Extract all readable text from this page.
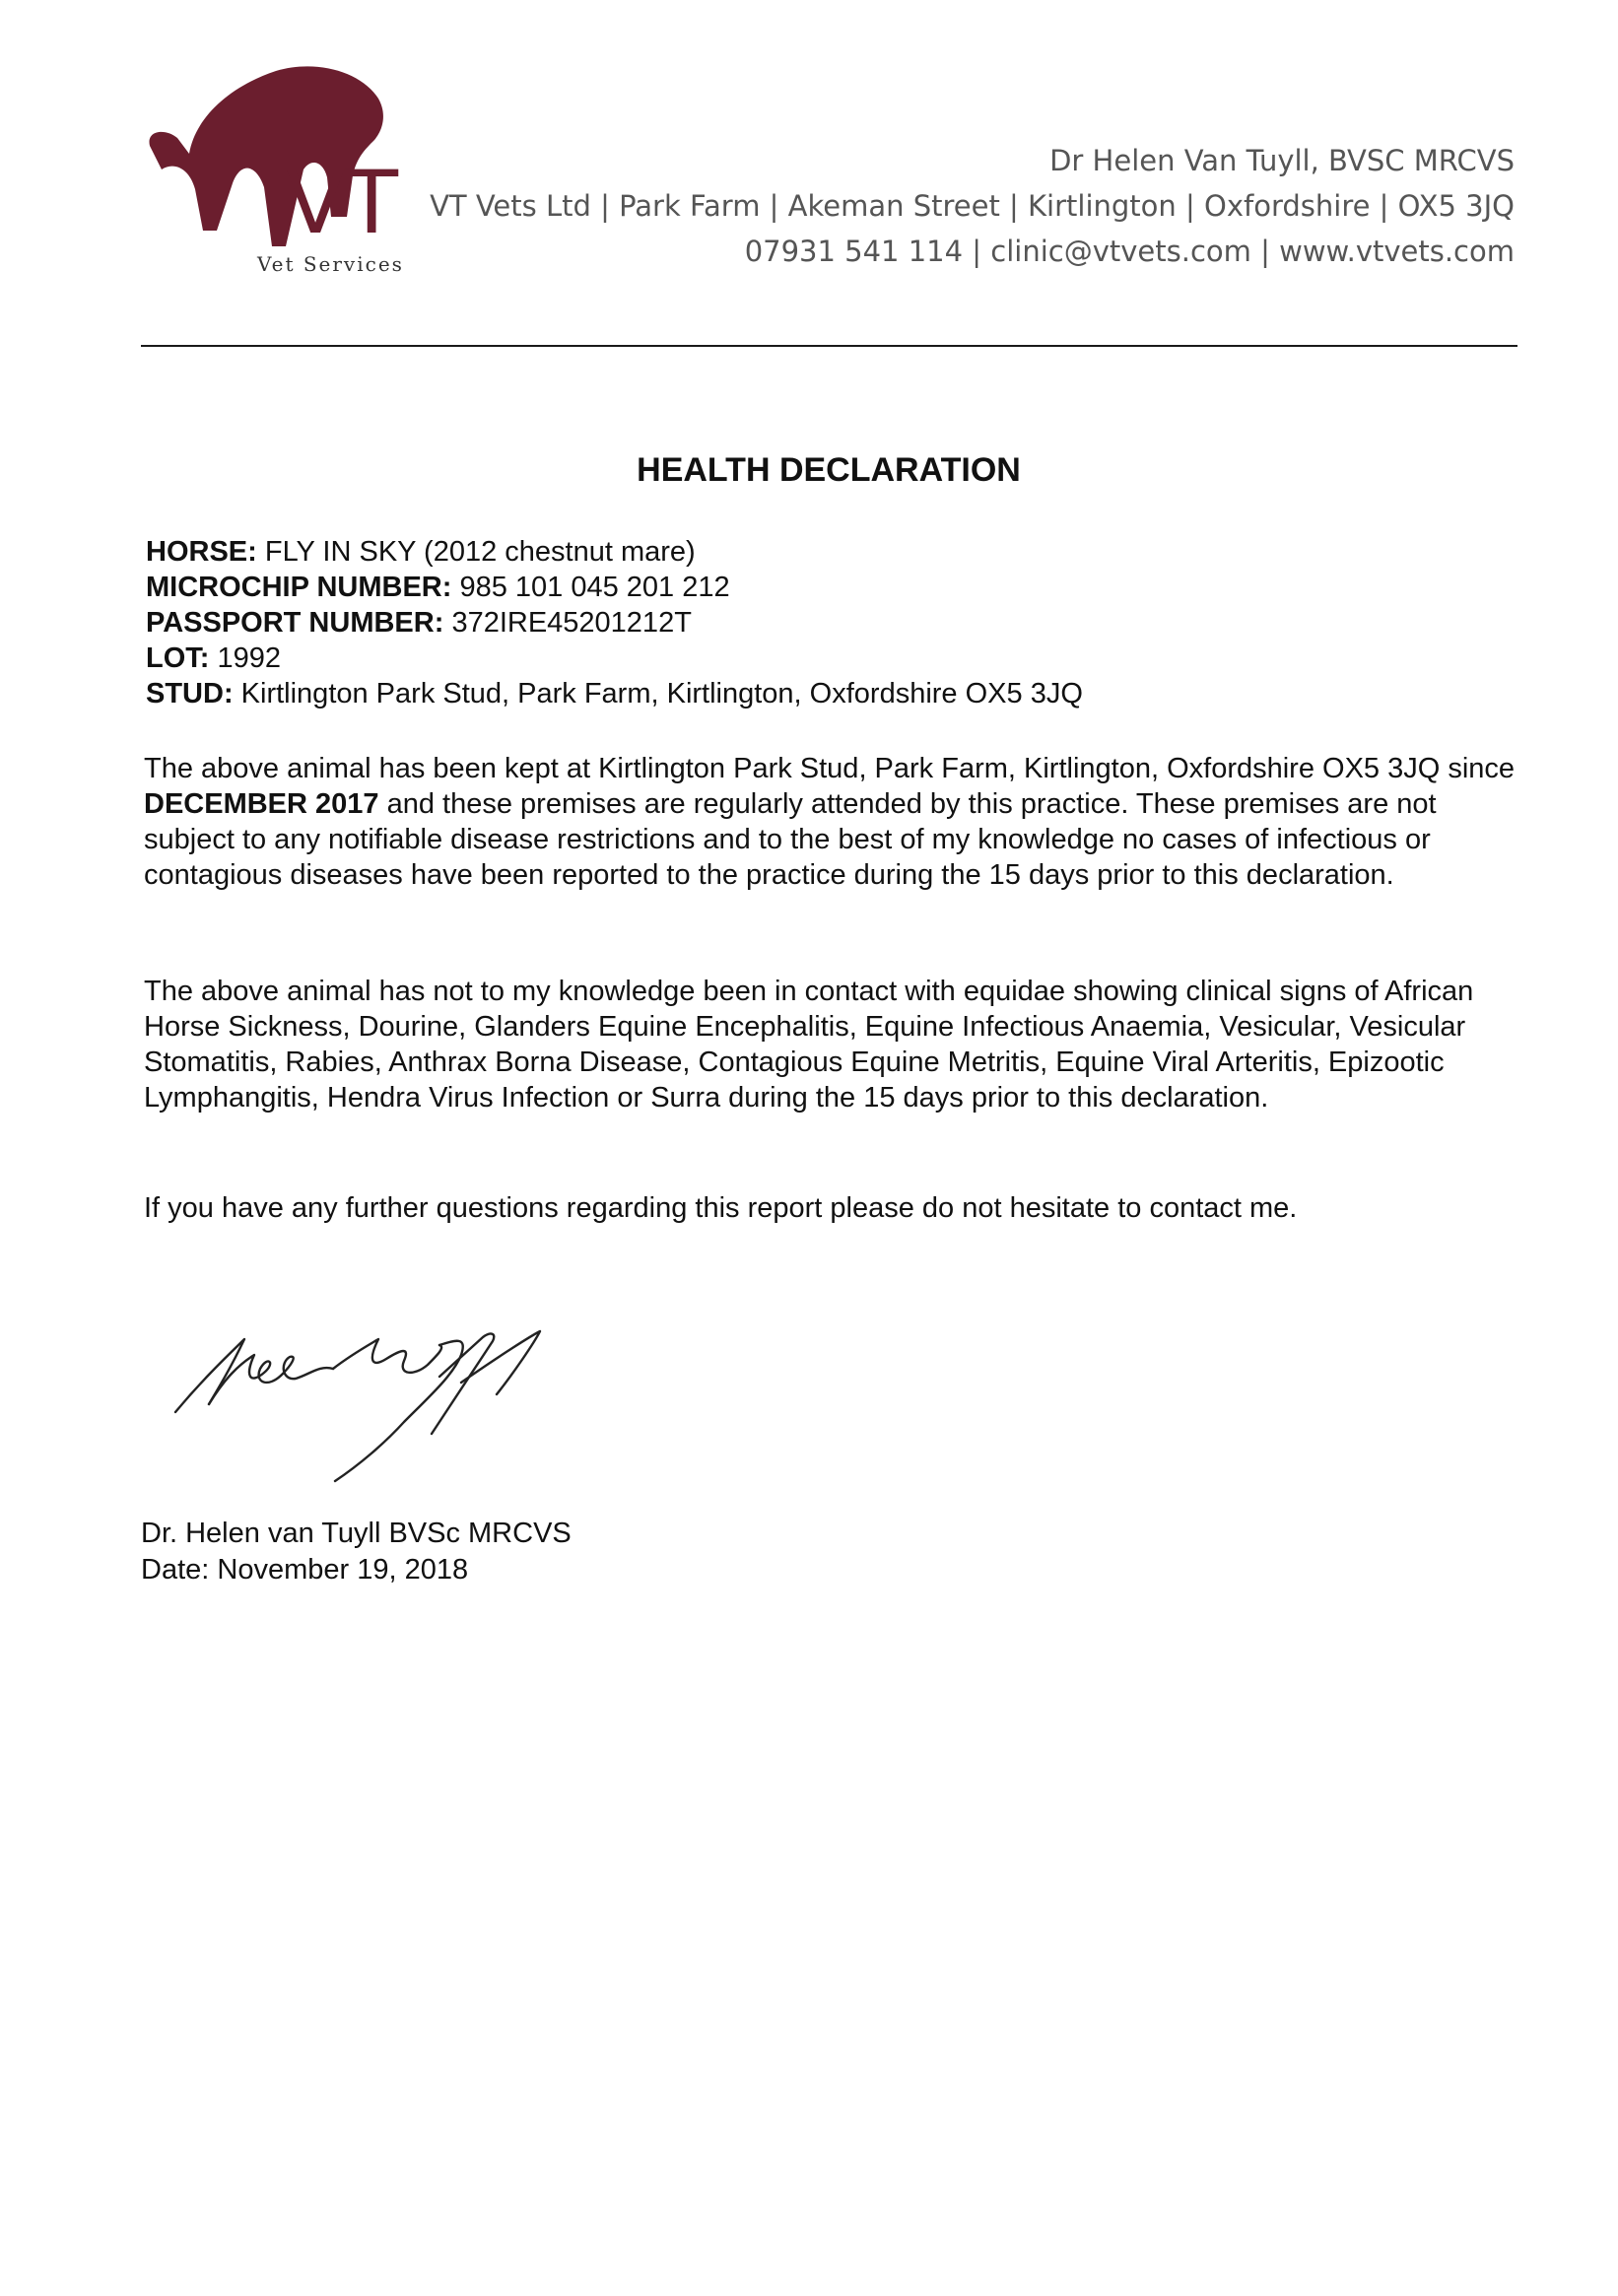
VT
Vet Services
Dr Helen Van Tuyll, BVSC MRCVS
VT Vets Ltd | Park Farm | Akeman Street | Kirtlington | Oxfordshire | OX5 3JQ
07931 541 114 | clinic@vtvets.com | www.vtvets.com
HEALTH DECLARATION
HORSE: FLY IN SKY (2012 chestnut mare)
MICROCHIP NUMBER: 985 101 045 201 212
PASSPORT NUMBER: 372IRE45201212T
LOT: 1992
STUD: Kirtlington Park Stud, Park Farm, Kirtlington, Oxfordshire OX5 3JQ
The above animal has been kept at Kirtlington Park Stud, Park Farm, Kirtlington, Oxfordshire OX5 3JQ since DECEMBER 2017 and these premises are regularly attended by this practice. These premises are not subject to any notifiable disease restrictions and to the best of my knowledge no cases of infectious or contagious diseases have been reported to the practice during the 15 days prior to this declaration.
The above animal has not to my knowledge been in contact with equidae showing clinical signs of African Horse Sickness, Dourine, Glanders Equine Encephalitis, Equine Infectious Anaemia, Vesicular, Vesicular Stomatitis, Rabies, Anthrax Borna Disease, Contagious Equine Metritis, Equine Viral Arteritis, Epizootic Lymphangitis, Hendra Virus Infection or Surra during the 15 days prior to this declaration.
If you have any further questions regarding this report please do not hesitate to contact me.
Dr. Helen van Tuyll BVSc MRCVS
Date: November 19, 2018
